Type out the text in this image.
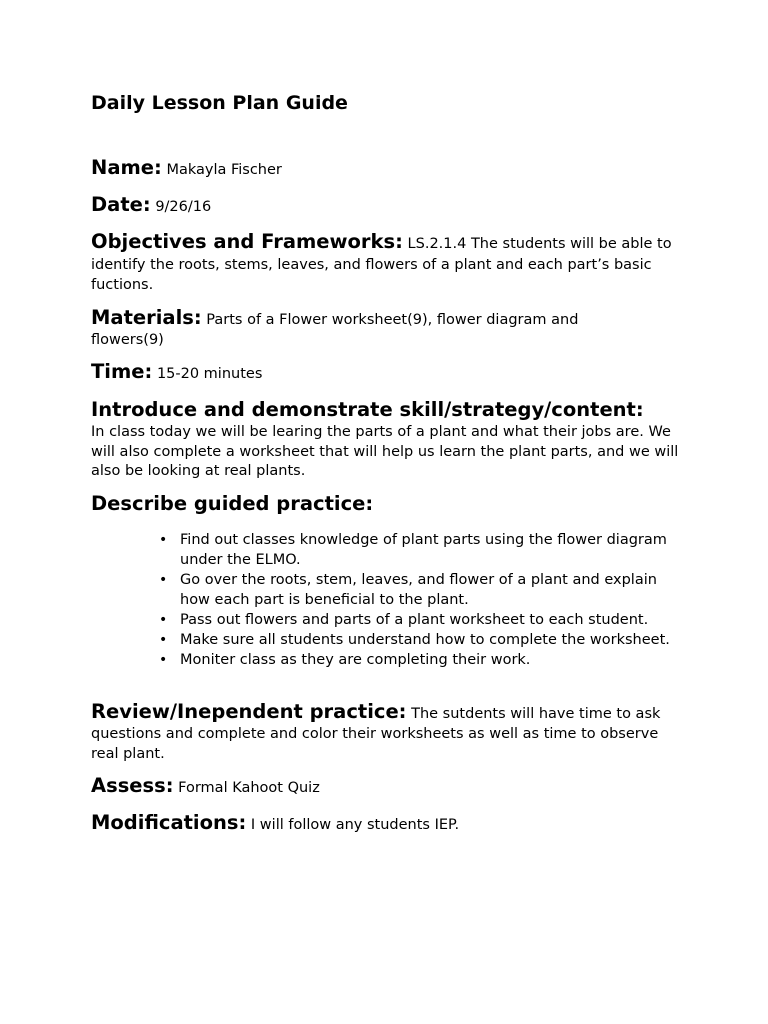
Daily Lesson Plan Guide
Name: Makayla Fischer
Date: 9/26/16
Objectives and Frameworks: LS.2.1.4 The students will be able to identify the roots, stems, leaves, and flowers of a plant and each part’s basic fuctions.
Materials: Parts of a Flower worksheet(9), flower diagram and flowers(9)
Time: 15-20 minutes
Introduce and demonstrate skill/strategy/content:
In class today we will be learing the parts of a plant and what their jobs are. We will also complete a worksheet that will help us learn the plant parts, and we will also be looking at real plants.
Describe guided practice:
• Find out classes knowledge of plant parts using the flower diagram under the ELMO.
• Go over the roots, stem, leaves, and flower of a plant and explain how each part is beneficial to the plant.
• Pass out flowers and parts of a plant worksheet to each student.
• Make sure all students understand how to complete the worksheet.
• Moniter class as they are completing their work.
Review/Inependent practice: The sutdents will have time to ask questions and complete and color their worksheets as well as time to observe real plant.
Assess: Formal Kahoot Quiz
Modifications: I will follow any students IEP.
